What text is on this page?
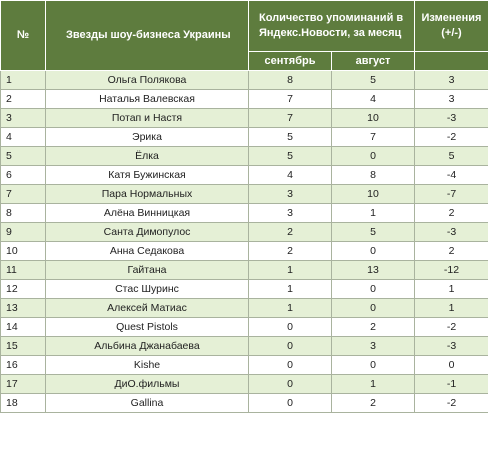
№	Звезды шоу-бизнеса Украины	Количество упоминаний в Яндекс.Новости, за месяц		Изменения (+/-)
		сентябрь	август	
1	Ольга Полякова	8	5	3
2	Наталья Валевская	7	4	3
3	Потап и Настя	7	10	-3
4	Эрика	5	7	-2
5	Ёлка	5	0	5
6	Катя Бужинская	4	8	-4
7	Пара Нормальных	3	10	-7
8	Алёна Винницкая	3	1	2
9	Санта Димопулос	2	5	-3
10	Анна Седакова	2	0	2
11	Гайтана	1	13	-12
12	Стас Шуринс	1	0	1
13	Алексей Матиас	1	0	1
14	Quest Pistols	0	2	-2
15	Альбина Джанабаева	0	3	-3
16	Kishe	0	0	0
17	ДиО.фильмы	0	1	-1
18	Gallina	0	2	-2
